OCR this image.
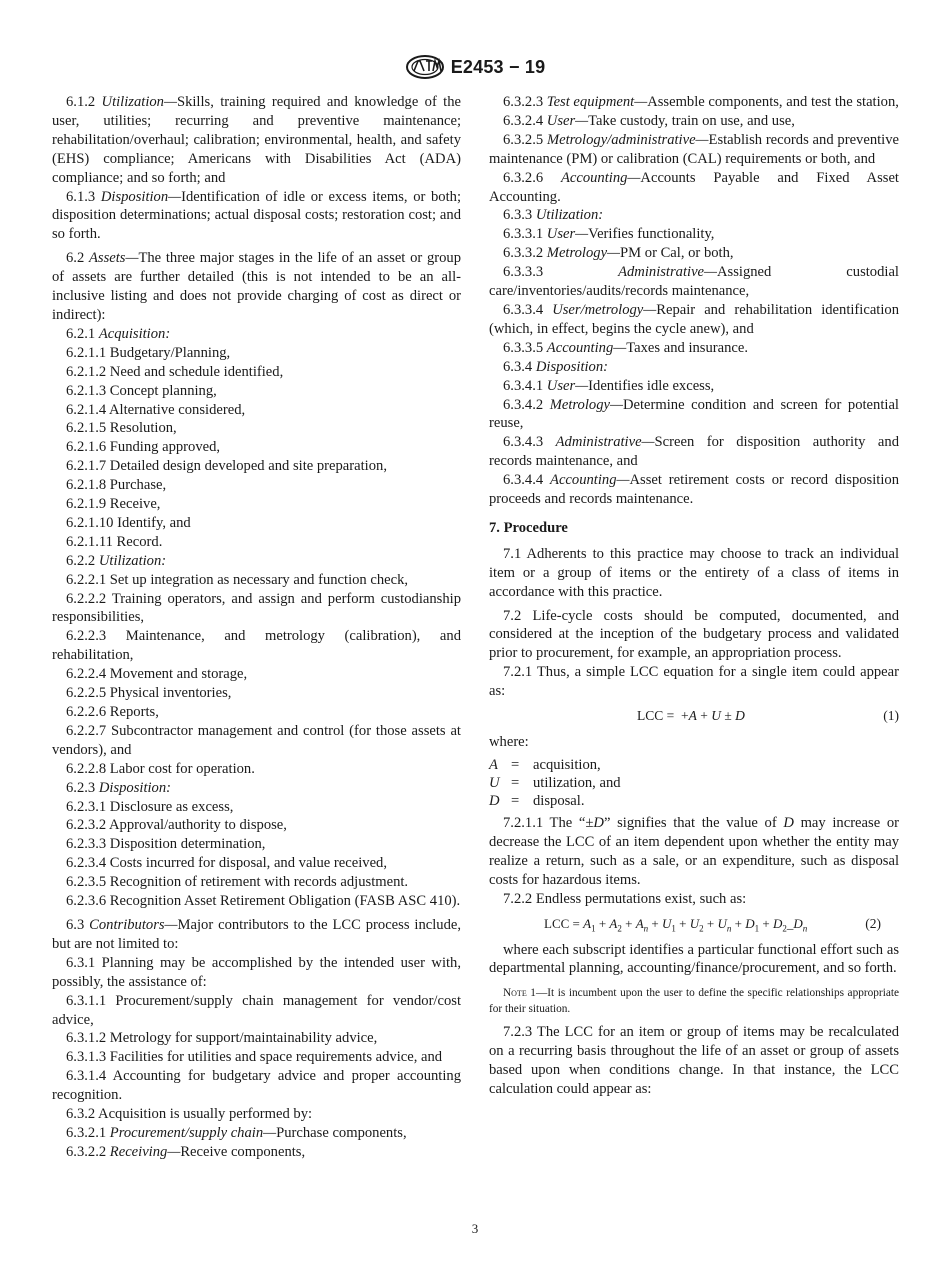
E2453 − 19

6.1.2 Utilization—Skills, training required and knowledge of the user, utilities; recurring and preventive maintenance; rehabilitation/overhaul; calibration; environmental, health, and safety (EHS) compliance; Americans with Disabilities Act (ADA) compliance; and so forth; and

6.1.3 Disposition—Identification of idle or excess items, or both; disposition determinations; actual disposal costs; restoration cost; and so forth.

6.2 Assets—The three major stages in the life of an asset or group of assets are further detailed (this is not intended to be an all-inclusive listing and does not provide charging of cost as direct or indirect):

6.2.1 Acquisition:

6.2.1.1 Budgetary/Planning,

6.2.1.2 Need and schedule identified,

6.2.1.3 Concept planning,

6.2.1.4 Alternative considered,

6.2.1.5 Resolution,

6.2.1.6 Funding approved,

6.2.1.7 Detailed design developed and site preparation,

6.2.1.8 Purchase,

6.2.1.9 Receive,

6.2.1.10 Identify, and

6.2.1.11 Record.

6.2.2 Utilization:

6.2.2.1 Set up integration as necessary and function check,

6.2.2.2 Training operators, and assign and perform custodianship responsibilities,

6.2.2.3 Maintenance, and metrology (calibration), and rehabilitation,

6.2.2.4 Movement and storage,

6.2.2.5 Physical inventories,

6.2.2.6 Reports,

6.2.2.7 Subcontractor management and control (for those assets at vendors), and

6.2.2.8 Labor cost for operation.

6.2.3 Disposition:

6.2.3.1 Disclosure as excess,

6.2.3.2 Approval/authority to dispose,

6.2.3.3 Disposition determination,

6.2.3.4 Costs incurred for disposal, and value received,

6.2.3.5 Recognition of retirement with records adjustment.

6.2.3.6 Recognition Asset Retirement Obligation (FASB ASC 410).

6.3 Contributors—Major contributors to the LCC process include, but are not limited to:

6.3.1 Planning may be accomplished by the intended user with, possibly, the assistance of:

6.3.1.1 Procurement/supply chain management for vendor/cost advice,

6.3.1.2 Metrology for support/maintainability advice,

6.3.1.3 Facilities for utilities and space requirements advice, and

6.3.1.4 Accounting for budgetary advice and proper accounting recognition.

6.3.2 Acquisition is usually performed by:

6.3.2.1 Procurement/supply chain—Purchase components,

6.3.2.2 Receiving—Receive components,

6.3.2.3 Test equipment—Assemble components, and test the station,

6.3.2.4 User—Take custody, train on use, and use,

6.3.2.5 Metrology/administrative—Establish records and preventive maintenance (PM) or calibration (CAL) requirements or both, and

6.3.2.6 Accounting—Accounts Payable and Fixed Asset Accounting.

6.3.3 Utilization:

6.3.3.1 User—Verifies functionality,

6.3.3.2 Metrology—PM or Cal, or both,

6.3.3.3	Administrative—Assigned custodial care/inventories/audits/records maintenance,

6.3.3.4 User/metrology—Repair and rehabilitation identification (which, in effect, begins the cycle anew), and

6.3.3.5 Accounting—Taxes and insurance.

6.3.4 Disposition:

6.3.4.1 User—Identifies idle excess,

6.3.4.2 Metrology—Determine condition and screen for potential reuse,

6.3.4.3 Administrative—Screen for disposition authority and records maintenance, and

6.3.4.4 Accounting—Asset retirement costs or record disposition proceeds and records maintenance.

7. Procedure

7.1 Adherents to this practice may choose to track an individual item or a group of items or the entirety of a class of items in accordance with this practice.

7.2 Life-cycle costs should be computed, documented, and considered at the inception of the budgetary process and validated prior to procurement, for example, an appropriation process.

7.2.1 Thus, a simple LCC equation for a single item could appear as:

LCC =  +A + U ± D	(1)

where:

A = acquisition,
U = utilization, and
D = disposal.

7.2.1.1 The “±D” signifies that the value of D may increase or decrease the LCC of an item dependent upon whether the entity may realize a return, such as a sale, or an expenditure, such as disposal costs for hazardous items.

7.2.2 Endless permutations exist, such as:

LCC = $A_1 + A_2 + A_n + U_1 + U_2 + U_n + D_1$ + $D_2\_D_n$	(2)

where each subscript identifies a particular functional effort such as departmental planning, accounting/finance/procurement, and so forth.

Note 1—It is incumbent upon the user to define the specific relationships appropriate for their situation.

7.2.3 The LCC for an item or group of items may be recalculated on a recurring basis throughout the life of an asset or group of assets based upon when conditions change. In that instance, the LCC calculation could appear as:

3
